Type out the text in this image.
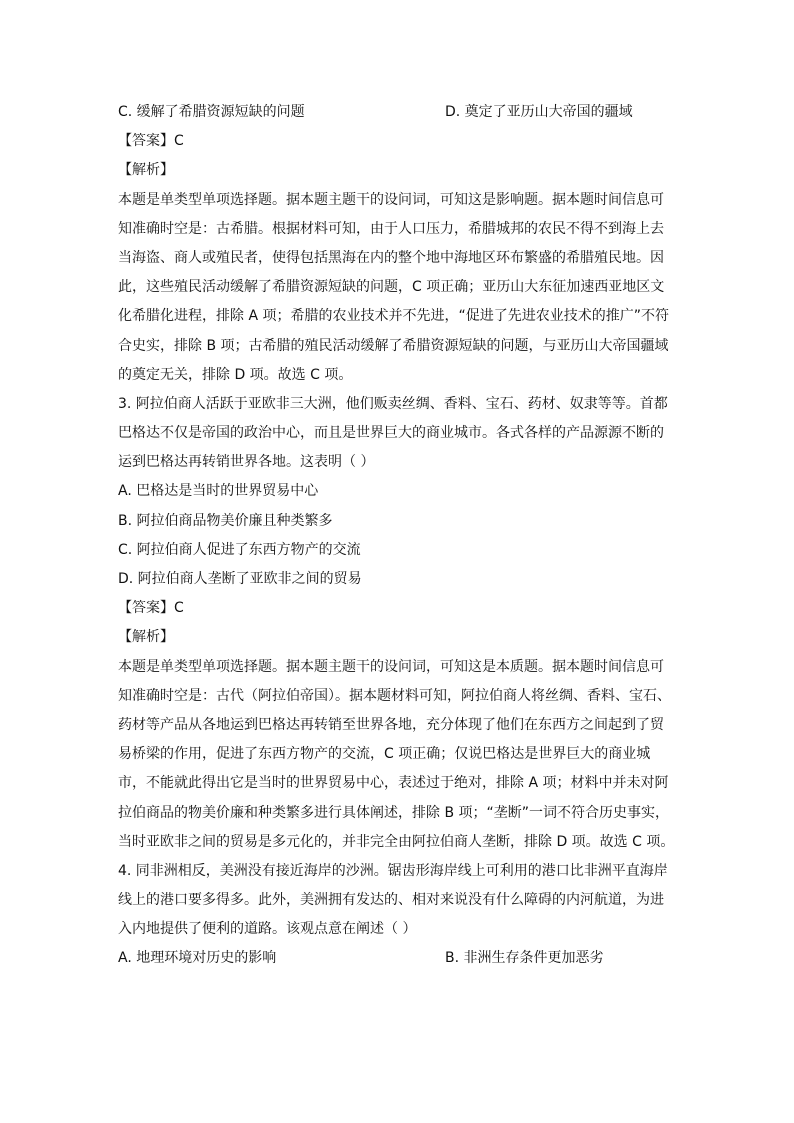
C. 缓解了希腊资源短缺的问题	D. 奠定了亚历山大帝国的疆域
【答案】C
【解析】
本题是单类型单项选择题。据本题主题干的设问词，可知这是影响题。据本题时间信息可
知准确时空是：古希腊。根据材料可知，由于人口压力，希腊城邦的农民不得不到海上去
当海盗、商人或殖民者，使得包括黑海在内的整个地中海地区环布繁盛的希腊殖民地。因
此，这些殖民活动缓解了希腊资源短缺的问题，C 项正确；亚历山大东征加速西亚地区文
化希腊化进程，排除 A 项；希腊的农业技术并不先进，“促进了先进农业技术的推广”不符
合史实，排除 B 项；古希腊的殖民活动缓解了希腊资源短缺的问题，与亚历山大帝国疆域
的奠定无关，排除 D 项。故选 C 项。
3. 阿拉伯商人活跃于亚欧非三大洲，他们贩卖丝绸、香料、宝石、药材、奴隶等等。首都
巴格达不仅是帝国的政治中心，而且是世界巨大的商业城市。各式各样的产品源源不断的
运到巴格达再转销世界各地。这表明（ ）
A. 巴格达是当时的世界贸易中心
B. 阿拉伯商品物美价廉且种类繁多
C. 阿拉伯商人促进了东西方物产的交流
D. 阿拉伯商人垄断了亚欧非之间的贸易
【答案】C
【解析】
本题是单类型单项选择题。据本题主题干的设问词，可知这是本质题。据本题时间信息可
知准确时空是：古代（阿拉伯帝国）。据本题材料可知，阿拉伯商人将丝绸、香料、宝石、
药材等产品从各地运到巴格达再转销至世界各地，充分体现了他们在东西方之间起到了贸
易桥梁的作用，促进了东西方物产的交流，C 项正确；仅说巴格达是世界巨大的商业城
市，不能就此得出它是当时的世界贸易中心，表述过于绝对，排除 A 项；材料中并未对阿
拉伯商品的物美价廉和种类繁多进行具体阐述，排除 B 项；“垄断”一词不符合历史事实，
当时亚欧非之间的贸易是多元化的，并非完全由阿拉伯商人垄断，排除 D 项。故选 C 项。
4. 同非洲相反，美洲没有接近海岸的沙洲。锯齿形海岸线上可利用的港口比非洲平直海岸
线上的港口要多得多。此外，美洲拥有发达的、相对来说没有什么障碍的内河航道，为进
入内地提供了便利的道路。该观点意在阐述（ ）
A. 地理环境对历史的影响	B. 非洲生存条件更加恶劣
